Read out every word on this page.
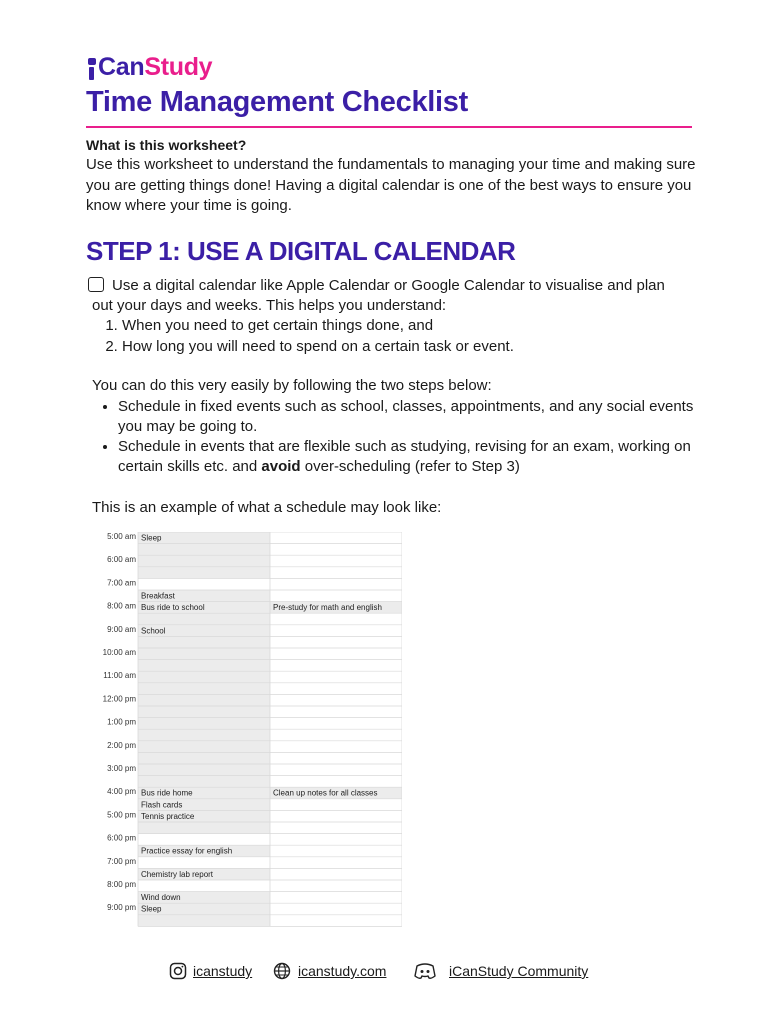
Can Study
Time Management Checklist
What is this worksheet?
Use this worksheet to understand the fundamentals to managing your time and making sure you are getting things done! Having a digital calendar is one of the best ways to ensure you know where your time is going.
STEP 1: USE A DIGITAL CALENDAR
Use a digital calendar like Apple Calendar or Google Calendar to visualise and plan
out your days and weeks. This helps you understand:
1. When you need to get certain things done, and
2. How long you will need to spend on a certain task or event.
You can do this very easily by following the two steps below:
• Schedule in fixed events such as school, classes, appointments, and any social events you may be going to.
• Schedule in events that are flexible such as studying, revising for an exam, working on certain skills etc. and avoid over-scheduling (refer to Step 3)
This is an example of what a schedule may look like:
5:00 am
6:00 am
7:00 am
8:00 am
9:00 am
10:00 am
11:00 am
12:00 pm
1:00 pm
2:00 pm
3:00 pm
4:00 pm
5:00 pm
6:00 pm
7:00 pm
8:00 pm
9:00 pm
Sleep
Breakfast
Bus ride to school
School
Bus ride home
Flash cards
Tennis practice
Practice essay for english
Chemistry lab report
Wind down
Sleep
Pre-study for math and english
Clean up notes for all classes
icanstudy	icanstudy.com	iCanStudy Community
